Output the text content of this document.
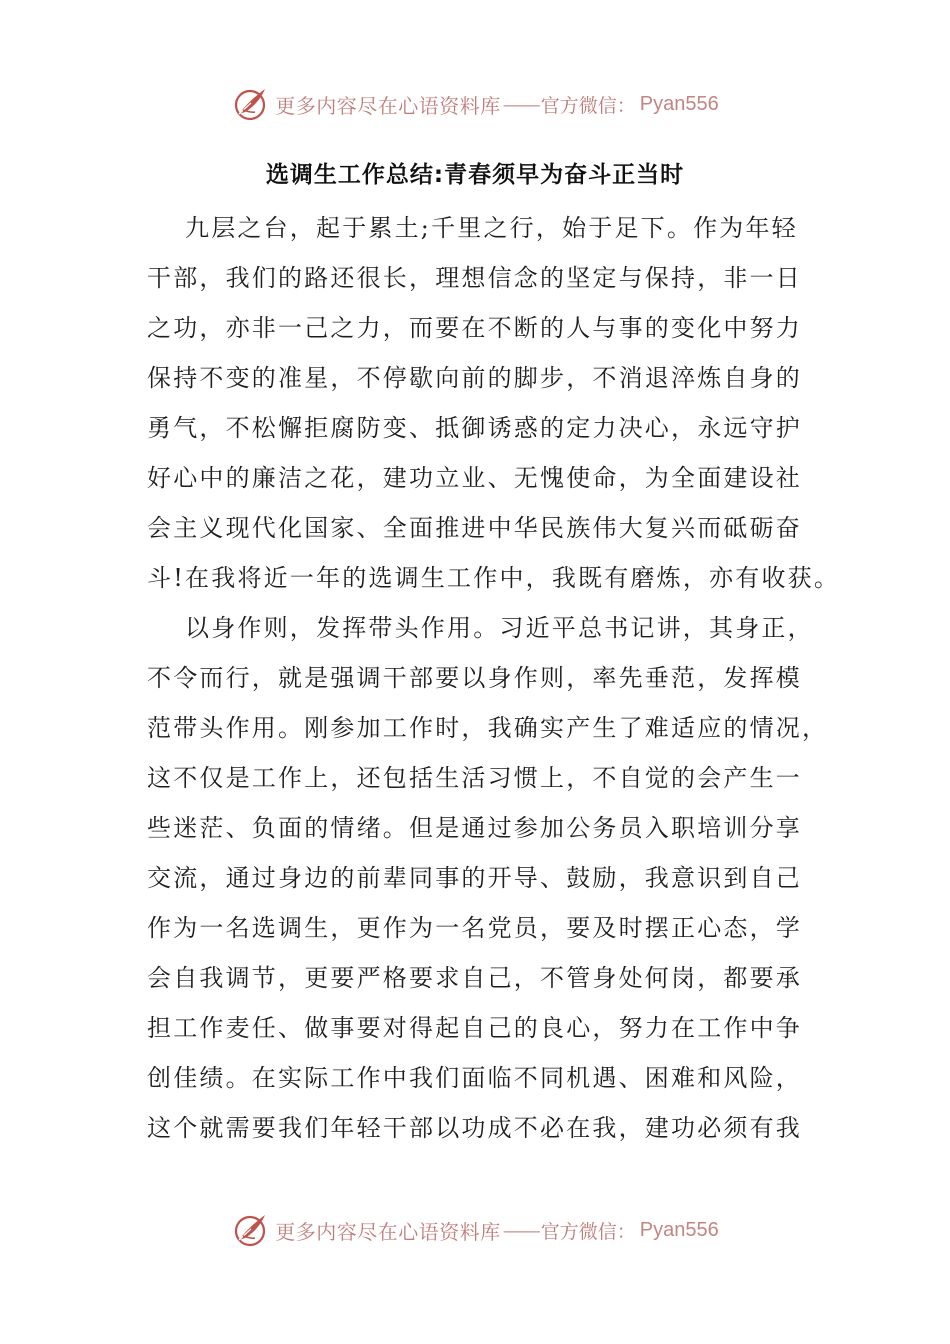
更多内容尽在心语资料库 —— 官方微信： Pyan556
选调生工作总结:青春须早为奋斗正当时
九层之台，起于累土;千里之行，始于足下。作为年轻
干部，我们的路还很长，理想信念的坚定与保持，非一日
之功，亦非一己之力，而要在不断的人与事的变化中努力
保持不变的准星，不停歇向前的脚步，不消退淬炼自身的
勇气，不松懈拒腐防变、抵御诱惑的定力决心，永远守护
好心中的廉洁之花，建功立业、无愧使命，为全面建设社
会主义现代化国家、全面推进中华民族伟大复兴而砥砺奋
斗!在我将近一年的选调生工作中，我既有磨炼，亦有收获。
以身作则，发挥带头作用。习近平总书记讲，其身正，
不令而行，就是强调干部要以身作则，率先垂范，发挥模
范带头作用。刚参加工作时，我确实产生了难适应的情况，
这不仅是工作上，还包括生活习惯上，不自觉的会产生一
些迷茫、负面的情绪。但是通过参加公务员入职培训分享
交流，通过身边的前辈同事的开导、鼓励，我意识到自己
作为一名选调生，更作为一名党员，要及时摆正心态，学
会自我调节，更要严格要求自己，不管身处何岗，都要承
担工作麦任、做事要对得起自己的良心，努力在工作中争
创佳绩。在实际工作中我们面临不同机遇、困难和风险，
这个就需要我们年轻干部以功成不必在我，建功必须有我
更多内容尽在心语资料库 —— 官方微信： Pyan556
